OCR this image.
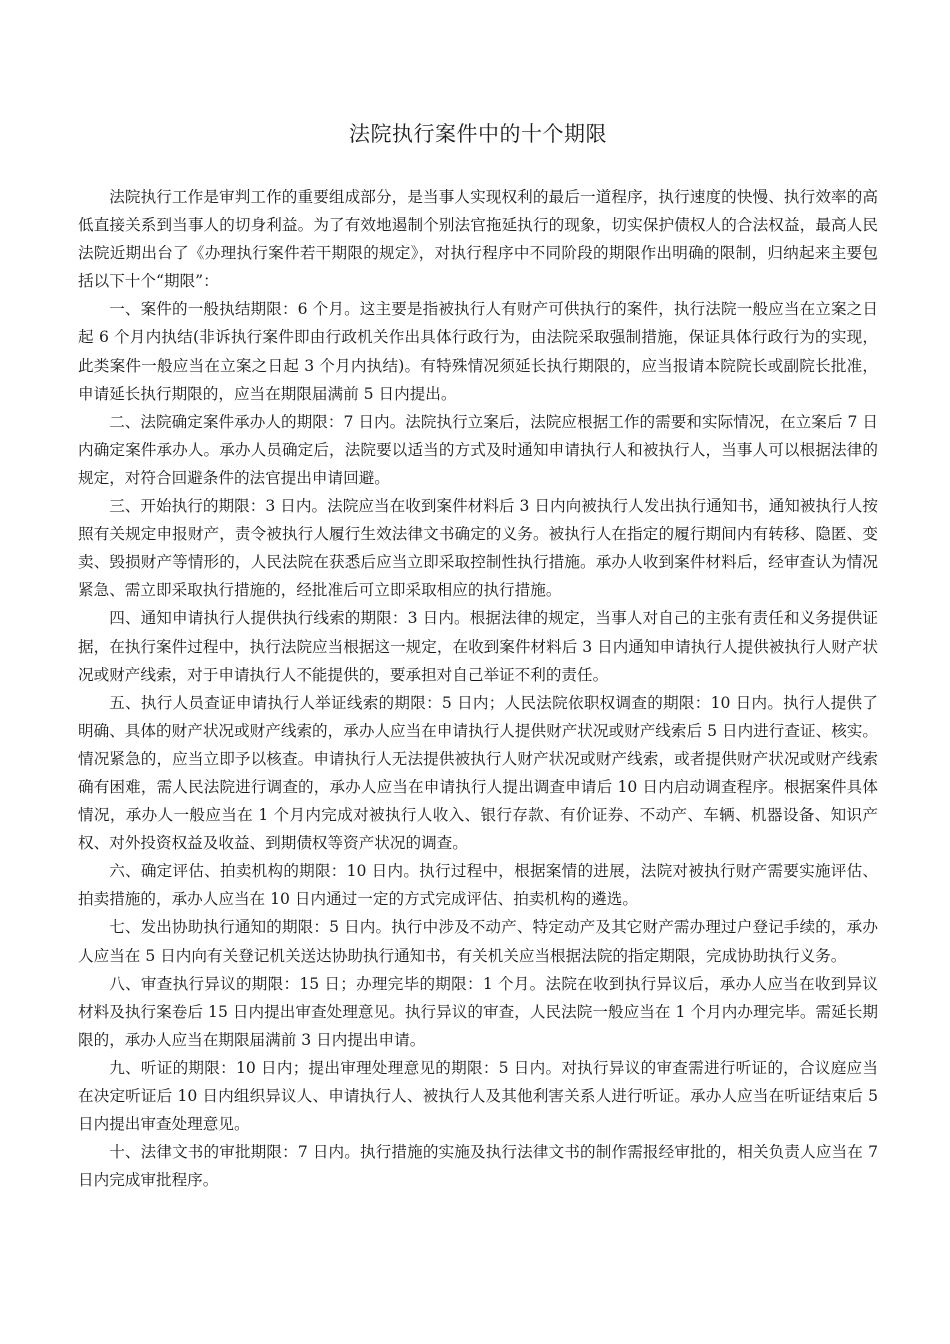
法院执行案件中的十个期限

法院执行工作是审判工作的重要组成部分，是当事人实现权利的最后一道程序，执行速度的快慢、执行效率的高低直接关系到当事人的切身利益。为了有效地遏制个别法官拖延执行的现象，切实保护债权人的合法权益，最高人民法院近期出台了《办理执行案件若干期限的规定》，对执行程序中不同阶段的期限作出明确的限制，归纳起来主要包括以下十个“期限”：

一、案件的一般执结期限：6 个月。这主要是指被执行人有财产可供执行的案件，执行法院一般应当在立案之日起 6 个月内执结(非诉执行案件即由行政机关作出具体行政行为，由法院采取强制措施，保证具体行政行为的实现，此类案件一般应当在立案之日起 3 个月内执结)。有特殊情况须延长执行期限的，应当报请本院院长或副院长批准，申请延长执行期限的，应当在期限届满前 5 日内提出。

二、法院确定案件承办人的期限：7 日内。法院执行立案后，法院应根据工作的需要和实际情况，在立案后 7 日内确定案件承办人。承办人员确定后，法院要以适当的方式及时通知申请执行人和被执行人，当事人可以根据法律的规定，对符合回避条件的法官提出申请回避。

三、开始执行的期限：3 日内。法院应当在收到案件材料后 3 日内向被执行人发出执行通知书，通知被执行人按照有关规定申报财产，责令被执行人履行生效法律文书确定的义务。被执行人在指定的履行期间内有转移、隐匿、变卖、毁损财产等情形的，人民法院在获悉后应当立即采取控制性执行措施。承办人收到案件材料后，经审查认为情况紧急、需立即采取执行措施的，经批准后可立即采取相应的执行措施。

四、通知申请执行人提供执行线索的期限：3 日内。根据法律的规定，当事人对自己的主张有责任和义务提供证据，在执行案件过程中，执行法院应当根据这一规定，在收到案件材料后 3 日内通知申请执行人提供被执行人财产状况或财产线索，对于申请执行人不能提供的，要承担对自己举证不利的责任。

五、执行人员查证申请执行人举证线索的期限：5 日内；人民法院依职权调查的期限：10 日内。执行人提供了明确、具体的财产状况或财产线索的，承办人应当在申请执行人提供财产状况或财产线索后 5 日内进行查证、核实。情况紧急的，应当立即予以核查。申请执行人无法提供被执行人财产状况或财产线索，或者提供财产状况或财产线索确有困难，需人民法院进行调查的，承办人应当在申请执行人提出调查申请后 10 日内启动调查程序。根据案件具体情况，承办人一般应当在 1 个月内完成对被执行人收入、银行存款、有价证券、不动产、车辆、机器设备、知识产权、对外投资权益及收益、到期债权等资产状况的调查。

六、确定评估、拍卖机构的期限：10 日内。执行过程中，根据案情的进展，法院对被执行财产需要实施评估、拍卖措施的，承办人应当在 10 日内通过一定的方式完成评估、拍卖机构的遴选。

七、发出协助执行通知的期限：5 日内。执行中涉及不动产、特定动产及其它财产需办理过户登记手续的，承办人应当在 5 日内向有关登记机关送达协助执行通知书，有关机关应当根据法院的指定期限，完成协助执行义务。

八、审查执行异议的期限：15 日；办理完毕的期限：1 个月。法院在收到执行异议后，承办人应当在收到异议材料及执行案卷后 15 日内提出审查处理意见。执行异议的审查，人民法院一般应当在 1 个月内办理完毕。需延长期限的，承办人应当在期限届满前 3 日内提出申请。

九、听证的期限：10 日内；提出审理处理意见的期限：5 日内。对执行异议的审查需进行听证的，合议庭应当在决定听证后 10 日内组织异议人、申请执行人、被执行人及其他利害关系人进行听证。承办人应当在听证结束后 5 日内提出审查处理意见。

十、法律文书的审批期限：7 日内。执行措施的实施及执行法律文书的制作需报经审批的，相关负责人应当在 7 日内完成审批程序。
